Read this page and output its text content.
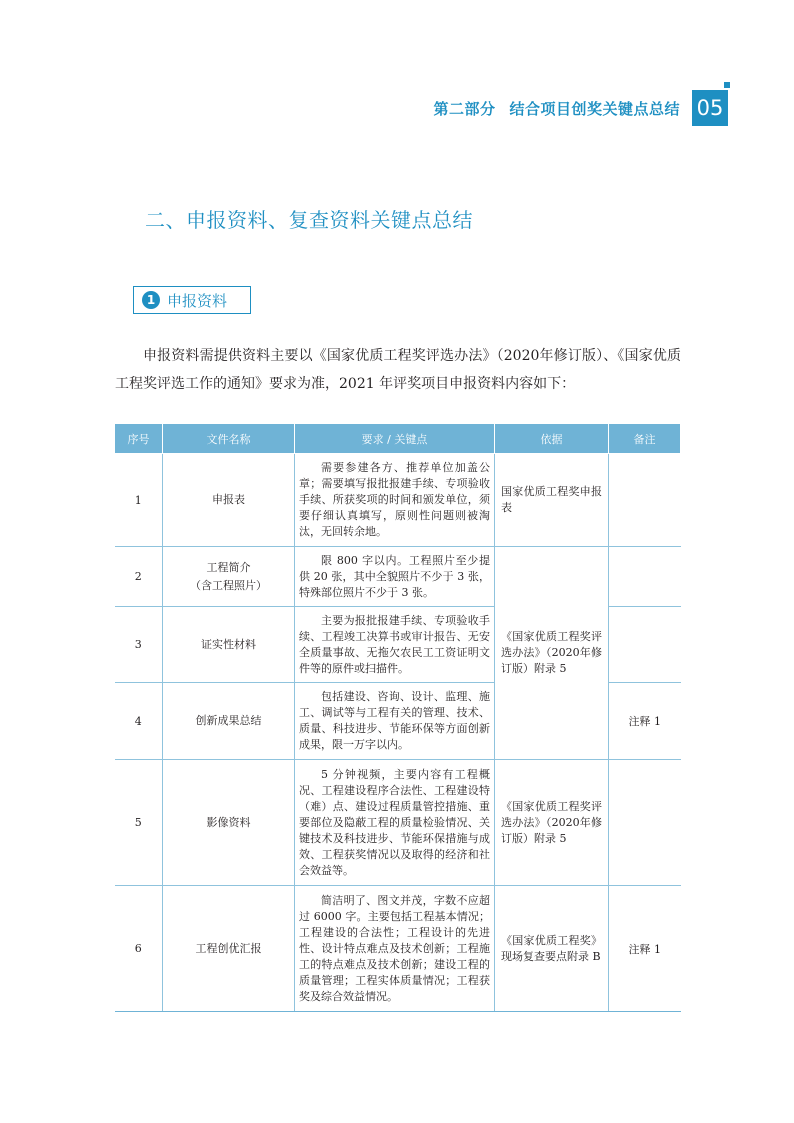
第二部分 结合项目创奖关键点总结 05
二、申报资料、复查资料关键点总结
1 申报资料

申报资料需提供资料主要以《国家优质工程奖评选办法》（2020年修订版）、《国家优质工程奖评选工作的通知》要求为准，2021 年评奖项目申报资料内容如下：

序号	文件名称	要求 / 关键点	依据	备注
1	申报表	需要参建各方、推荐单位加盖公章；需要填写报批报建手续、专项验收手续、所获奖项的时间和颁发单位，须要仔细认真填写，原则性问题则被淘汰，无回转余地。	国家优质工程奖申报表	
2	工程简介
（含工程照片）	限 800 字以内。工程照片至少提供 20 张，其中全貌照片不少于 3 张，特殊部位照片不少于 3 张。	《国家优质工程奖评选办法》（2020年修订版）附录 5	
3	证实性材料	主要为报批报建手续、专项验收手续、工程竣工决算书或审计报告、无安全质量事故、无拖欠农民工工资证明文件等的原件或扫描件。		
4	创新成果总结	包括建设、咨询、设计、监理、施工、调试等与工程有关的管理、技术、质量、科技进步、节能环保等方面创新成果，限一万字以内。		注释 1
5	影像资料	5 分钟视频，主要内容有工程概况、工程建设程序合法性、工程建设特（难）点、建设过程质量管控措施、重要部位及隐蔽工程的质量检验情况、关键技术及科技进步、节能环保措施与成效、工程获奖情况以及取得的经济和社会效益等。	《国家优质工程奖评选办法》（2020年修订版）附录 5	
6	工程创优汇报	简洁明了、图文并茂，字数不应超过 6000 字。主要包括工程基本情况；工程建设的合法性；工程设计的先进性、设计特点难点及技术创新；工程施工的特点难点及技术创新；建设工程的质量管理；工程实体质量情况；工程获奖及综合效益情况。	《国家优质工程奖》现场复查要点附录 B	注释 1
